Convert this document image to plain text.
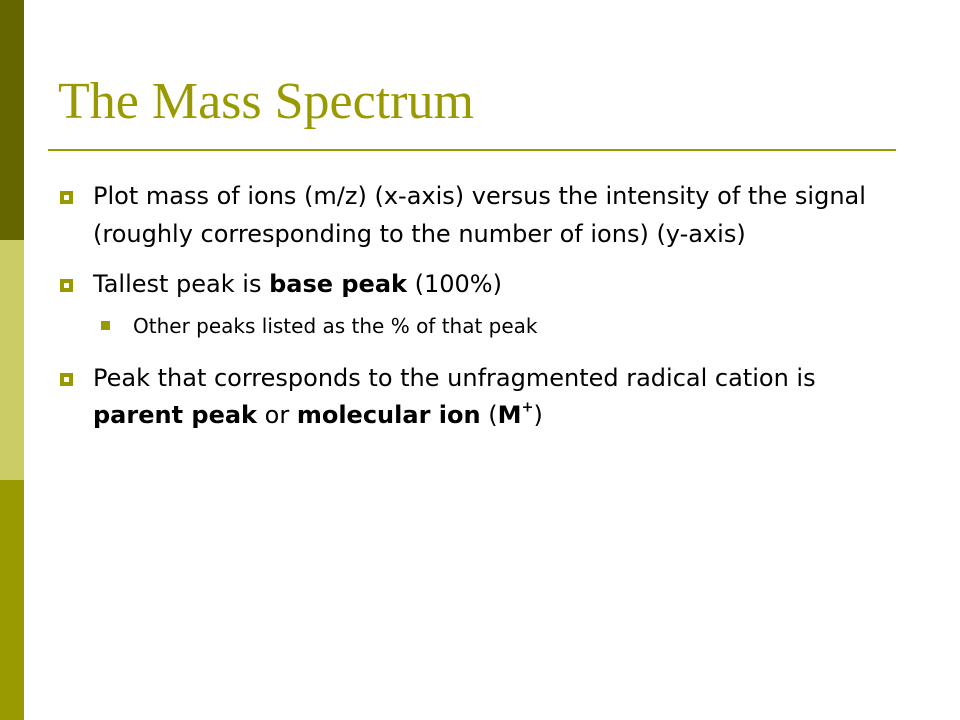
The Mass Spectrum
Plot mass of ions (m/z) (x-axis) versus the intensity of the signal (roughly corresponding to the number of ions) (y-axis)
Tallest peak is base peak (100%)
Other peaks listed as the % of that peak
Peak that corresponds to the unfragmented radical cation is parent peak or molecular ion (M+)
